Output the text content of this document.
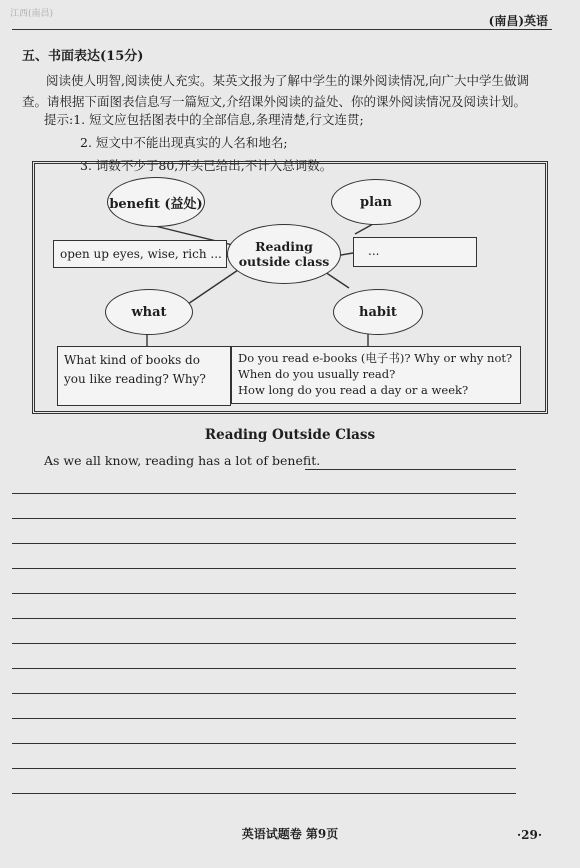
江西(南昌)	(南昌)英语
五、书面表达(15分)
阅读使人明智,阅读使人充实。某英文报为了解中学生的课外阅读情况,向广大中学生做调查。请根据下面图表信息写一篇短文,介绍课外阅读的益处、你的课外阅读情况及阅读计划。
提示:1. 短文应包括图表中的全部信息,条理清楚,行文连贯;
2. 短文中不能出现真实的人名和地名;
3. 词数不少于80,开头已给出,不计入总词数。
benefit (益处)	plan
Reading outside class
what	habit
open up eyes, wise, rich ...	...
What kind of books do you like reading? Why?
Do you read e-books (电子书)? Why or why not?
When do you usually read?
How long do you read a day or a week?
Reading Outside Class
As we all know, reading has a lot of benefit.
英语试题卷 第9页	·29·
